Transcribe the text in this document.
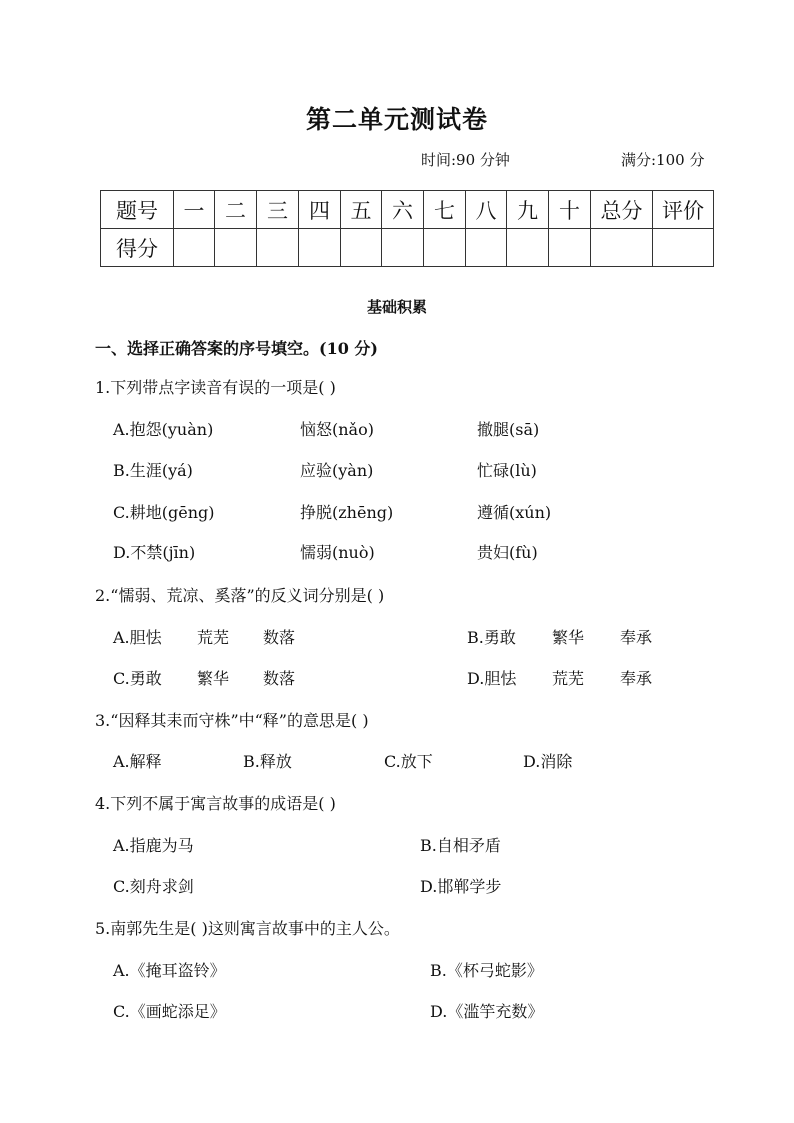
第二单元测试卷
时间:90 分钟	满分:100 分
题号	一	二	三	四	五	六	七	八	九	十	总分	评价
得分												
基础积累
一、选择正确答案的序号填空。(10 分)
1.下列带点字读音有误的一项是( )
A.抱怨(yuàn)	恼怒(nǎo)	撤腿(sā)
B.生涯(yá)	应验(yàn)	忙碌(lù)
C.耕地(gēng)	挣脱(zhēng)	遵循(xún)
D.不禁(jīn)	懦弱(nuò)	贵妇(fù)
2.“懦弱、荒凉、奚落”的反义词分别是( )
A.胆怯 荒芜 数落	B.勇敢 繁华 奉承
C.勇敢 繁华 数落	D.胆怯 荒芜 奉承
3.“因释其耒而守株”中“释”的意思是( )
A.解释	B.释放	C.放下	D.消除
4.下列不属于寓言故事的成语是( )
A.指鹿为马	B.自相矛盾
C.刻舟求剑	D.邯郸学步
5.南郭先生是( )这则寓言故事中的主人公。
A.《掩耳盗铃》	B.《杯弓蛇影》
C.《画蛇添足》	D.《滥竽充数》
